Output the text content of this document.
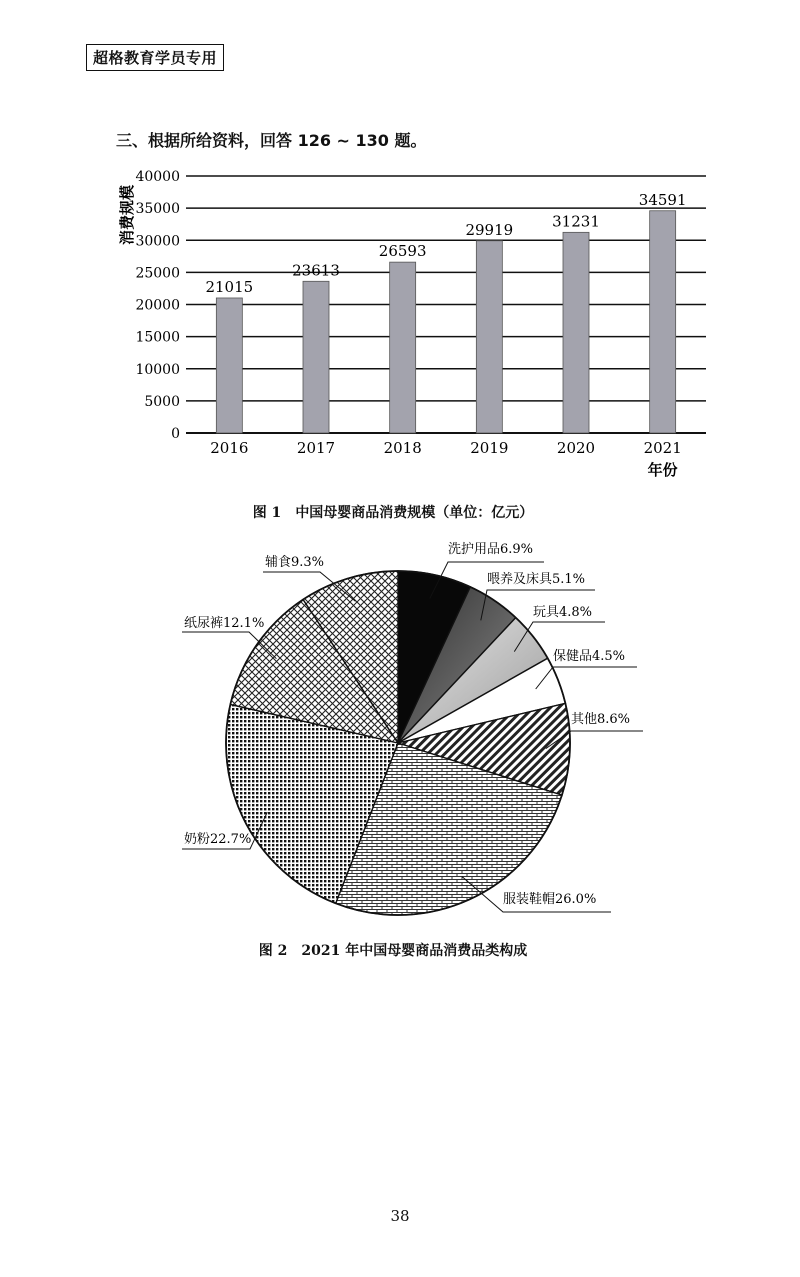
超格教育学员专用
三、根据所给资料，回答 126 ~ 130 题。
0
5000
10000
15000
20000
25000
30000
35000
40000
消费规模
21015
2016
23613
2017
26593
2018
29919
2019
31231
2020
34591
2021
年份
洗护用品6.9%
喂养及床具5.1%
玩具4.8%
保健品4.5%
其他8.6%
服装鞋帽26.0%
奶粉22.7%
纸尿裤12.1%
辅食9.3%
图 1 中国母婴商品消费规模（单位：亿元）
图 2 2021 年中国母婴商品消费品类构成
38
